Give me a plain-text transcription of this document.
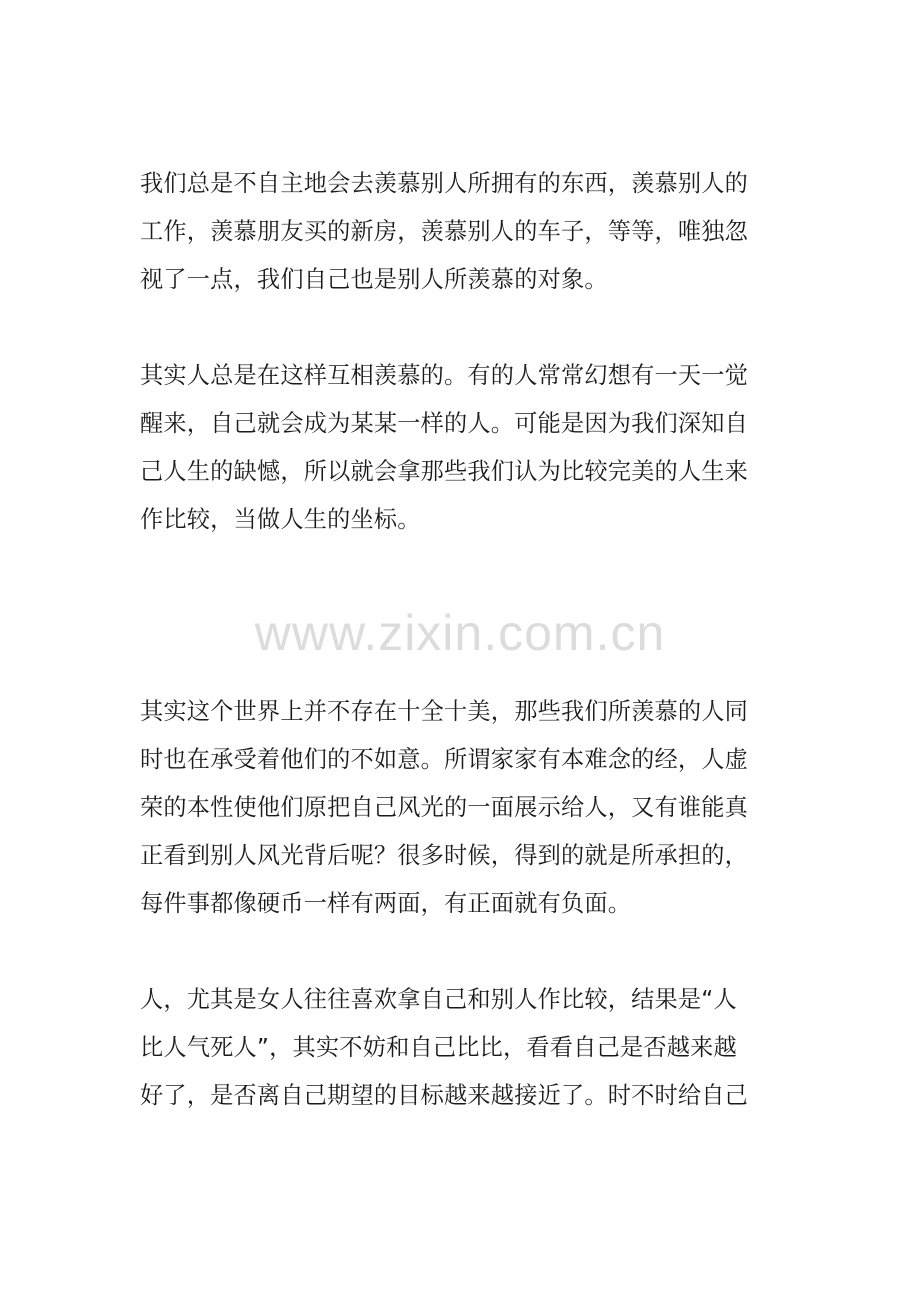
我们总是不自主地会去羡慕别人所拥有的东西，羡慕别人的
工作，羡慕朋友买的新房，羡慕别人的车子，等等，唯独忽
视了一点，我们自己也是别人所羡慕的对象。
其实人总是在这样互相羡慕的。有的人常常幻想有一天一觉
醒来，自己就会成为某某一样的人。可能是因为我们深知自
己人生的缺憾，所以就会拿那些我们认为比较完美的人生来
作比较，当做人生的坐标。
www.zixin.com.cn
其实这个世界上并不存在十全十美，那些我们所羡慕的人同
时也在承受着他们的不如意。所谓家家有本难念的经，人虚
荣的本性使他们原把自己风光的一面展示给人，又有谁能真
正看到别人风光背后呢？很多时候，得到的就是所承担的，
每件事都像硬币一样有两面，有正面就有负面。
人，尤其是女人往往喜欢拿自己和别人作比较，结果是“人
比人气死人”，其实不妨和自己比比，看看自己是否越来越
好了，是否离自己期望的目标越来越接近了。时不时给自己
